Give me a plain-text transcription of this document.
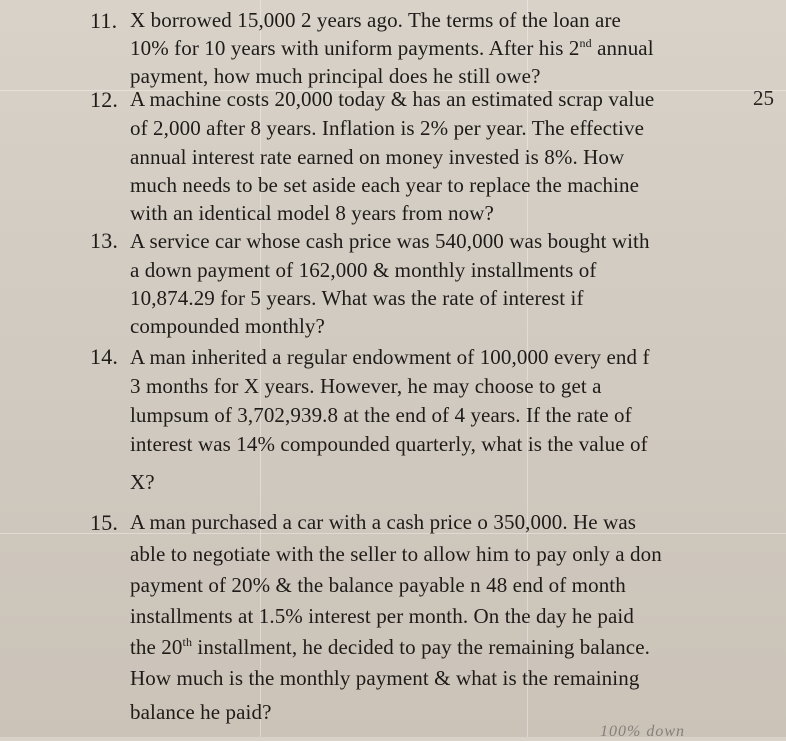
11. X borrowed 15,000 2 years ago. The terms of the loan are
10% for 10 years with uniform payments. After his 2nd annual
payment, how much principal does he still owe?
12. A machine costs 20,000 today & has an estimated scrap value
of 2,000 after 8 years. Inflation is 2% per year. The effective
annual interest rate earned on money invested is 8%. How
much needs to be set aside each year to replace the machine
with an identical model 8 years from now?
13. A service car whose cash price was 540,000 was bought with
a down payment of 162,000 & monthly installments of
10,874.29 for 5 years. What was the rate of interest if
compounded monthly?
14. A man inherited a regular endowment of 100,000 every end f
3 months for X years. However, he may choose to get a
lumpsum of 3,702,939.8 at the end of 4 years. If the rate of
interest was 14% compounded quarterly, what is the value of
X?
15. A man purchased a car with a cash price o 350,000. He was
able to negotiate with the seller to allow him to pay only a don
payment of 20% & the balance payable n 48 end of month
installments at 1.5% interest per month. On the day he paid
the 20th installment, he decided to pay the remaining balance.
How much is the monthly payment & what is the remaining
balance he paid?
25
100% down
